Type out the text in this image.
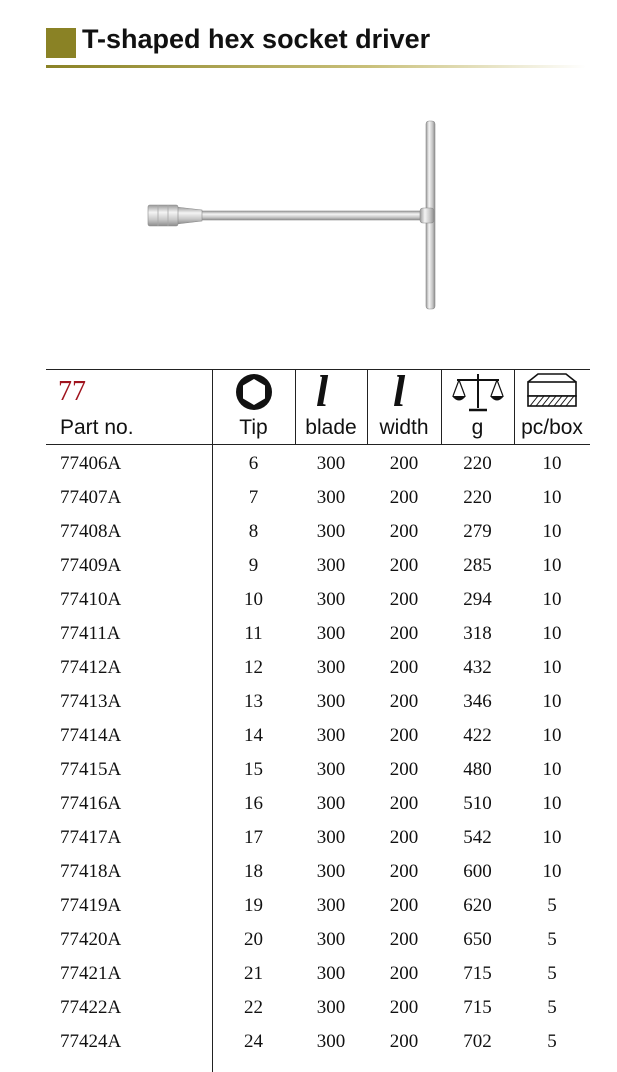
T-shaped hex socket driver
77	l l
Part no.	Tip	blade	width	g	pc/box
77406A	6	300	200	220	10
77407A	7	300	200	220	10
77408A	8	300	200	279	10
77409A	9	300	200	285	10
77410A	10	300	200	294	10
77411A	11	300	200	318	10
77412A	12	300	200	432	10
77413A	13	300	200	346	10
77414A	14	300	200	422	10
77415A	15	300	200	480	10
77416A	16	300	200	510	10
77417A	17	300	200	542	10
77418A	18	300	200	600	10
77419A	19	300	200	620	5
77420A	20	300	200	650	5
77421A	21	300	200	715	5
77422A	22	300	200	715	5
77424A	24	300	200	702	5
